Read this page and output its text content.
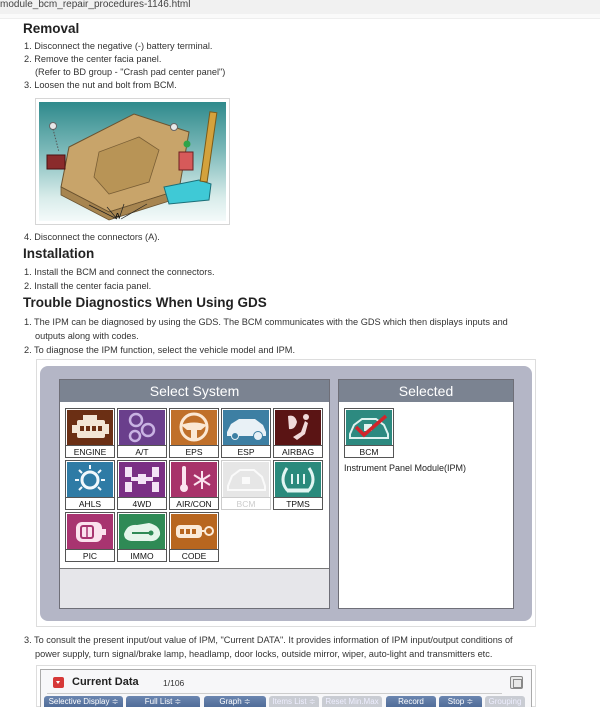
module_bcm_repair_procedures-1146.html
Removal
1. Disconnect the negative (-) battery terminal.
2. Remove the center facia panel.
(Refer to BD group - "Crash pad center panel")
3. Loosen the nut and bolt from BCM.
A
4. Disconnect the connectors (A).
Installation
1. Install the BCM and connect the connectors.
2. Install the center facia panel.
Trouble Diagnostics When Using GDS
1. The IPM can be diagnosed by using the GDS. The BCM communicates with the GDS which then displays inputs and
outputs along with codes.
2. To diagnose the IPM function, select the vehicle model and IPM.
Select System
ENGINE	A/T	EPS	ESP	AIRBAG
AHLS	4WD	AIR/CON	BCM	TPMS
PIC	IMMO	CODE
Selected
BCM
Instrument Panel Module(IPM)
3. To consult the present input/out value of IPM, "Current DATA". It provides information of IPM input/output conditions of
power supply, turn signal/brake lamp, headlamp, door locks, outside mirror, wiper, auto-light and transmitters etc.
Current Data	1/106
Selective Display ≑	Full List ≑	Graph ≑	Items List ≑	Reset Min.Max	Record	Stop ≑	Grouping
